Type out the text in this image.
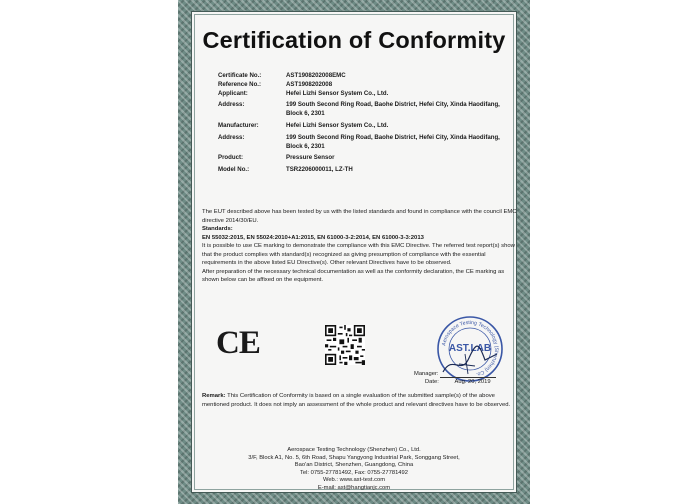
Certification of Conformity
Certificate No.:	AST1908202008EMC
Reference No.:	AST1908202008
Applicant:	Hefei Lizhi Sensor System Co., Ltd.
Address:	199 South Second Ring Road, Baohe District, Hefei City, Xinda Haodifang, Block 6, 2301
Manufacturer:	Hefei Lizhi Sensor System Co., Ltd.
Address:	199 South Second Ring Road, Baohe District, Hefei City, Xinda Haodifang, Block 6, 2301
Product:	Pressure Sensor
Model No.:	TSR2206000011, LZ-TH

The EUT described above has been tested by us with the listed standards and found in compliance with the council EMC directive 2014/30/EU.

Standards:

EN 55032:2015, EN 55024:2010+A1:2015, EN 61000-3-2:2014, EN 61000-3-3:2013

It is possible to use CE marking to demonstrate the compliance with this EMC Directive. The referred test report(s) show that the product complies with standard(s) recognized as giving presumption of compliance with the essential requirements in the above listed EU Directive(s). Other relevant Directives have to be observed.

After preparation of the necessary technical documentation as well as the conformity declaration, the CE marking as shown below can be affixed on the equipment.

CE	Aerospace Testing Technology (Shenzhen) Co.
AST.LAB
Manager:
Date:	Aug. 20, 2019
Remark: This Certification of Conformity is based on a single evaluation of the submitted sample(s) of the above mentioned product. It does not imply an assessment of the whole product and relevant directives have to be observed.
Aerospace Testing Technology (Shenzhen) Co., Ltd.
3/F, Block A1, No. 5, 6th Road, Shapu Yangyong Industrial Park, Songgang Street,
Bao'an District, Shenzhen, Guangdong, China
Tel: 0755-27781492, Fax: 0755-27781492
Web.: www.ast-test.com
E-mail: ast@hangtianjc.com
